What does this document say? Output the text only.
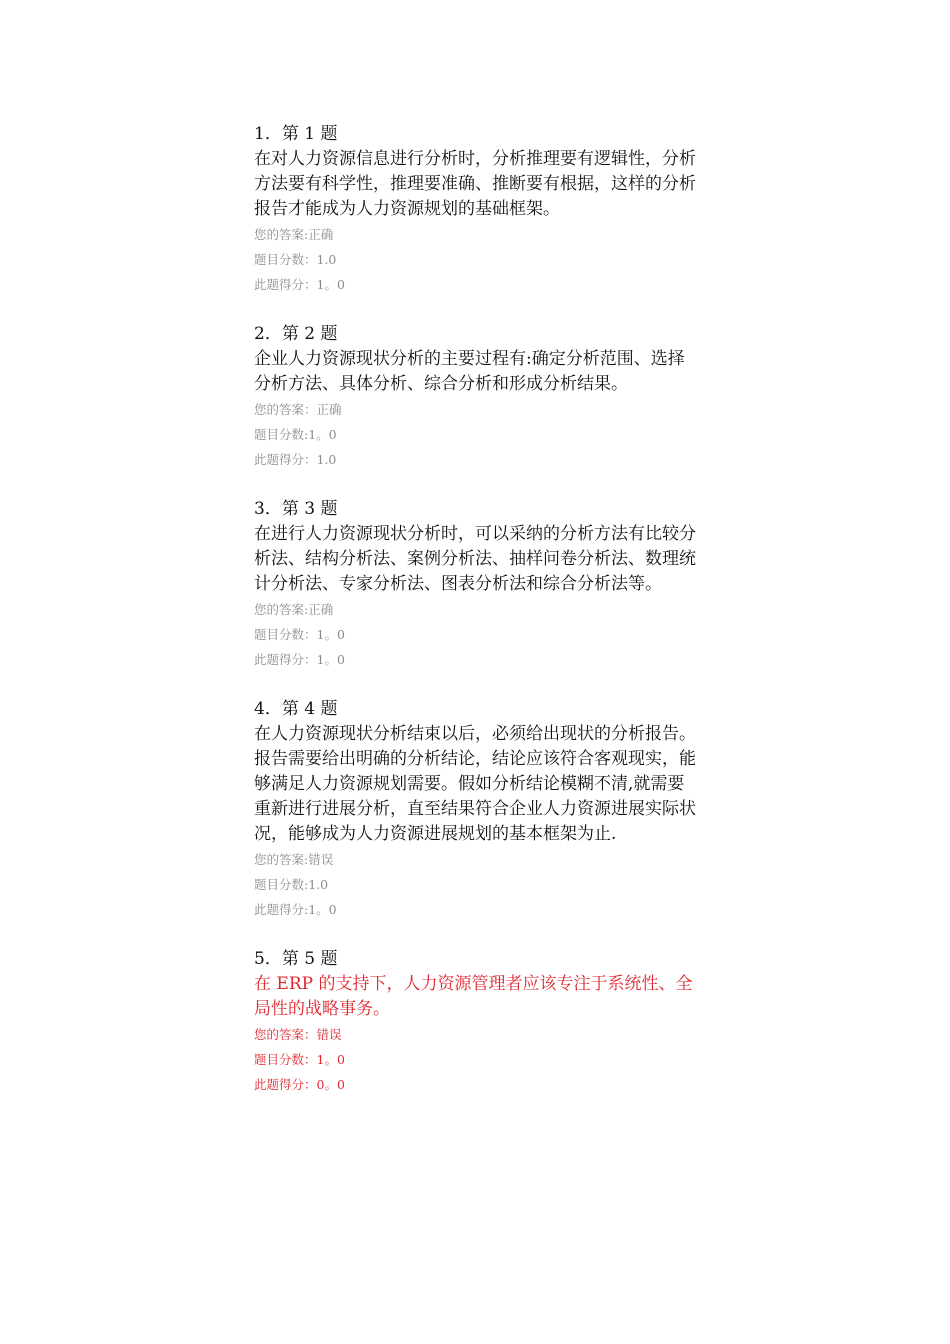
1．第 1 题
在对人力资源信息进行分析时，分析推理要有逻辑性，分析方法要有科学性，推理要准确、推断要有根据，这样的分析报告才能成为人力资源规划的基础框架。
您的答案:正确
题目分数：1.0
此题得分：1。0
2．第 2 题
企业人力资源现状分析的主要过程有:确定分析范围、选择分析方法、具体分析、综合分析和形成分析结果。
您的答案：正确
题目分数:1。0
此题得分：1.0
3．第 3 题
在进行人力资源现状分析时，可以采纳的分析方法有比较分析法、结构分析法、案例分析法、抽样问卷分析法、数理统计分析法、专家分析法、图表分析法和综合分析法等。
您的答案:正确
题目分数：1。0
此题得分：1。0
4．第 4 题
在人力资源现状分析结束以后，必须给出现状的分析报告。报告需要给出明确的分析结论，结论应该符合客观现实，能够满足人力资源规划需要。假如分析结论模糊不清,就需要重新进行进展分析，直至结果符合企业人力资源进展实际状况，能够成为人力资源进展规划的基本框架为止.
您的答案:错误
题目分数:1.0
此题得分:1。0
5．第 5 题
在 ERP 的支持下，人力资源管理者应该专注于系统性、全局性的战略事务。
您的答案：错误
题目分数：1。0
此题得分：0。0
